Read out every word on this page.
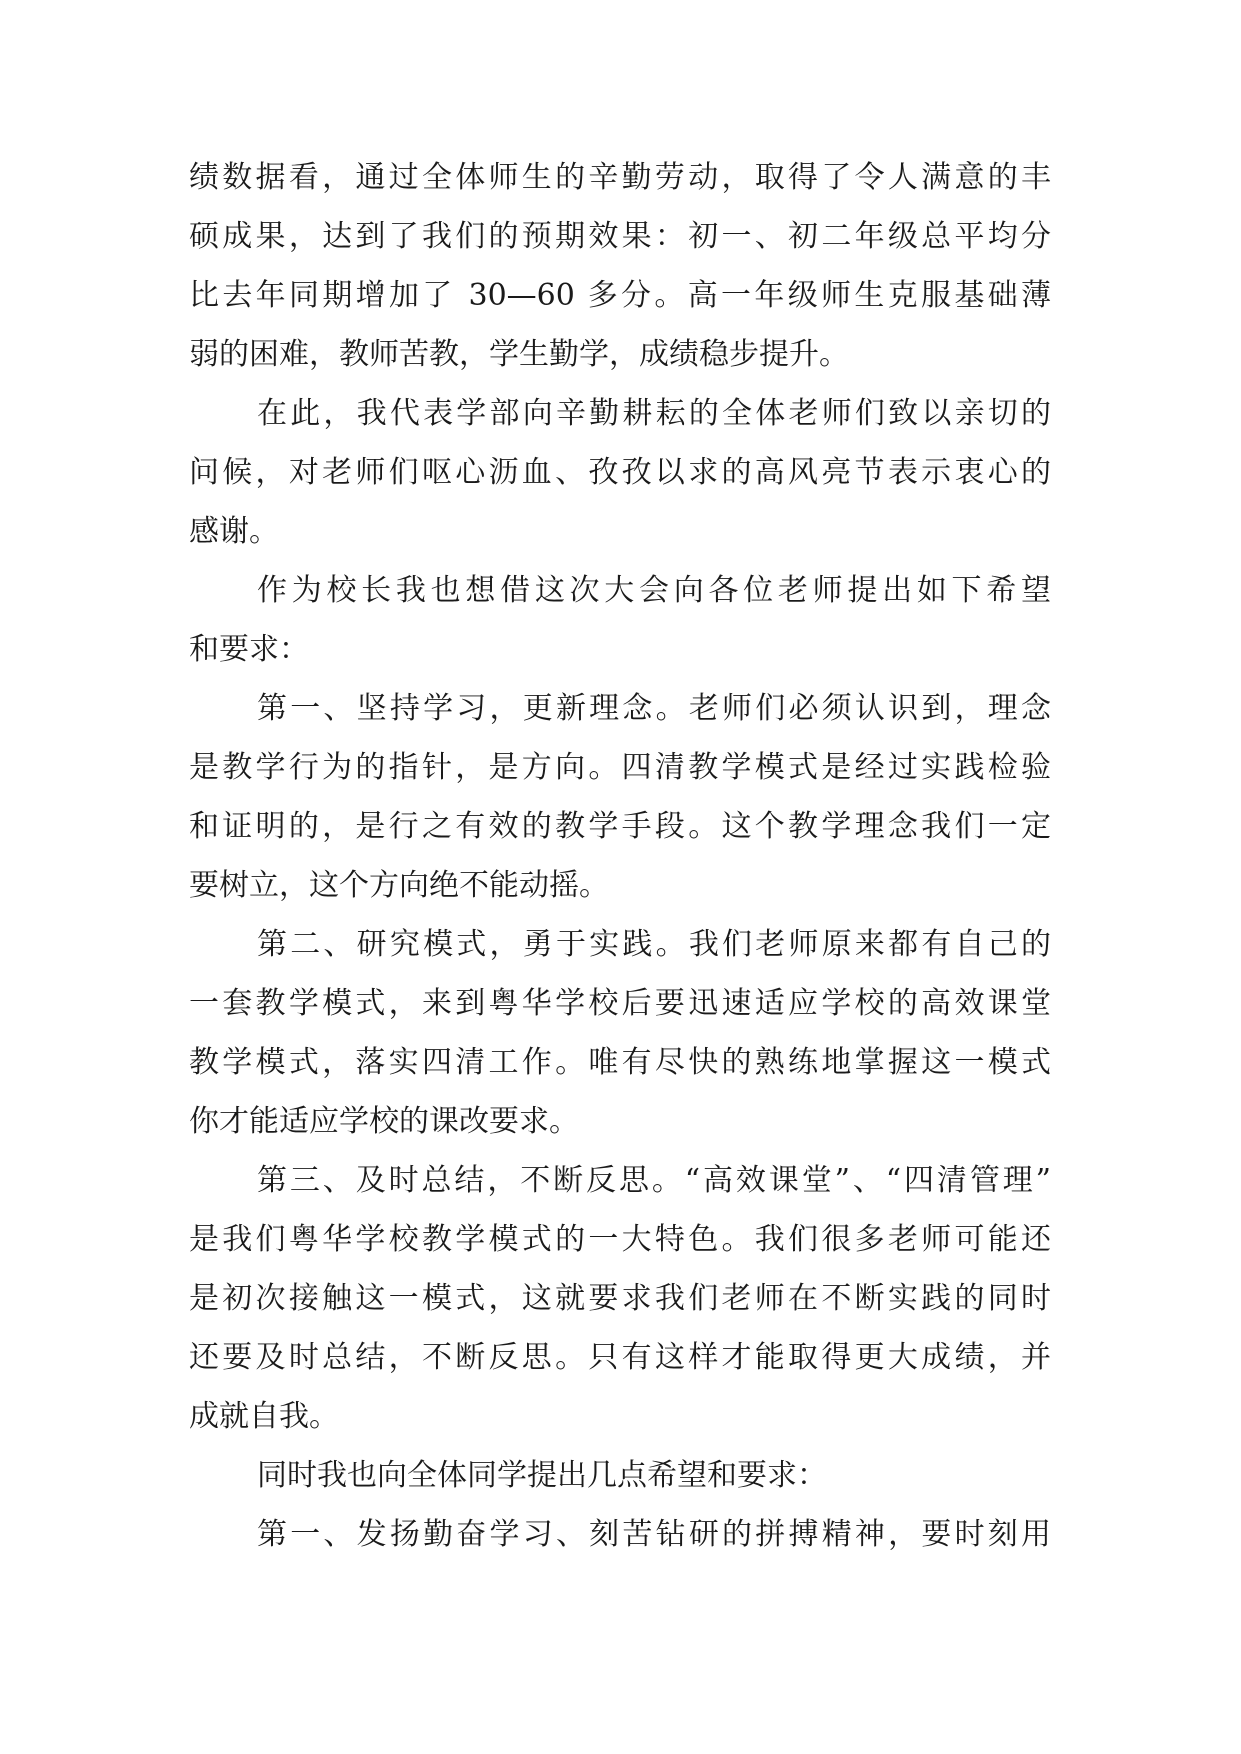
绩数据看，通过全体师生的辛勤劳动，取得了令人满意的丰
硕成果，达到了我们的预期效果：初一、初二年级总平均分
比去年同期增加了 30—60 多分。高一年级师生克服基础薄
弱的困难，教师苦教，学生勤学，成绩稳步提升。
在此，我代表学部向辛勤耕耘的全体老师们致以亲切的
问候，对老师们呕心沥血、孜孜以求的高风亮节表示衷心的
感谢。
作为校长我也想借这次大会向各位老师提出如下希望
和要求：
第一、坚持学习，更新理念。老师们必须认识到，理念
是教学行为的指针，是方向。四清教学模式是经过实践检验
和证明的，是行之有效的教学手段。这个教学理念我们一定
要树立，这个方向绝不能动摇。
第二、研究模式，勇于实践。我们老师原来都有自己的
一套教学模式，来到粤华学校后要迅速适应学校的高效课堂
教学模式，落实四清工作。唯有尽快的熟练地掌握这一模式
你才能适应学校的课改要求。
第三、及时总结，不断反思。“高效课堂”、“四清管理”
是我们粤华学校教学模式的一大特色。我们很多老师可能还
是初次接触这一模式，这就要求我们老师在不断实践的同时
还要及时总结，不断反思。只有这样才能取得更大成绩，并
成就自我。
同时我也向全体同学提出几点希望和要求：
第一、发扬勤奋学习、刻苦钻研的拼搏精神，要时刻用
